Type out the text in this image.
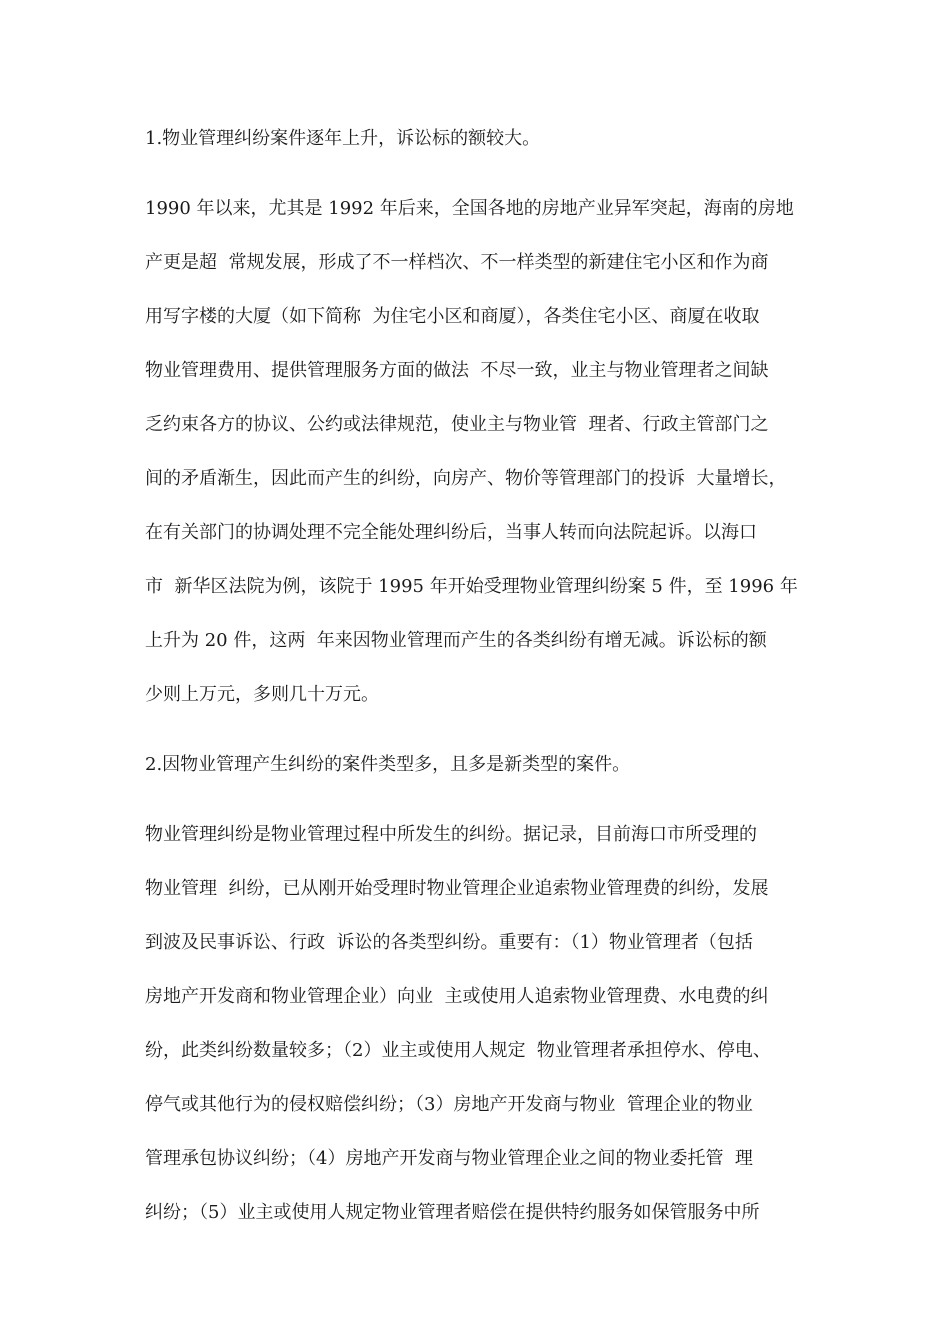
1.物业管理纠纷案件逐年上升，诉讼标的额较大。

1990 年以来，尤其是 1992 年后来，全国各地的房地产业异军突起，海南的房地

产更是超  常规发展，形成了不一样档次、不一样类型的新建住宅小区和作为商

用写字楼的大厦（如下简称  为住宅小区和商厦），各类住宅小区、商厦在收取

物业管理费用、提供管理服务方面的做法  不尽一致，业主与物业管理者之间缺

乏约束各方的协议、公约或法律规范，使业主与物业管  理者、行政主管部门之

间的矛盾渐生，因此而产生的纠纷，向房产、物价等管理部门的投诉  大量增长，

在有关部门的协调处理不完全能处理纠纷后，当事人转而向法院起诉。以海口

市  新华区法院为例，该院于 1995 年开始受理物业管理纠纷案 5 件，至 1996 年

上升为 20 件，这两  年来因物业管理而产生的各类纠纷有增无减。诉讼标的额

少则上万元，多则几十万元。

2.因物业管理产生纠纷的案件类型多，且多是新类型的案件。

物业管理纠纷是物业管理过程中所发生的纠纷。据记录，目前海口市所受理的

物业管理  纠纷，已从刚开始受理时物业管理企业追索物业管理费的纠纷，发展

到波及民事诉讼、行政  诉讼的各类型纠纷。重要有：（1）物业管理者（包括

房地产开发商和物业管理企业）向业  主或使用人追索物业管理费、水电费的纠

纷，此类纠纷数量较多；（2）业主或使用人规定  物业管理者承担停水、停电、

停气或其他行为的侵权赔偿纠纷；（3）房地产开发商与物业  管理企业的物业

管理承包协议纠纷；（4）房地产开发商与物业管理企业之间的物业委托管  理

纠纷；（5）业主或使用人规定物业管理者赔偿在提供特约服务如保管服务中所
